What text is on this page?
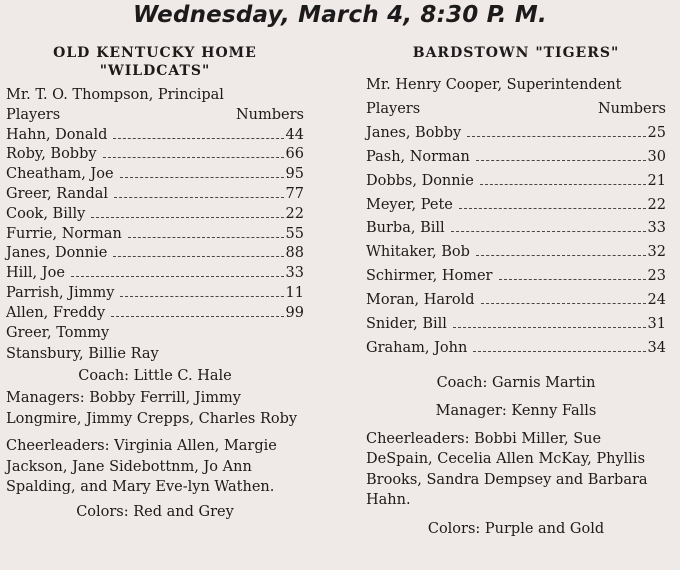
Wednesday, March 4, 8:30 P. M.
OLD KENTUCKY HOME
"WILDCATS"
Mr. T. O. Thompson, Principal
Players	Numbers
Hahn, Donald	44
Roby, Bobby	66
Cheatham, Joe	95
Greer, Randal	77
Cook, Billy	22
Furrie, Norman	55
Janes, Donnie	88
Hill, Joe	33
Parrish, Jimmy	11
Allen, Freddy	99
Greer, Tommy
Stansbury, Billie Ray
Coach: Little C. Hale
Managers: Bobby Ferrill, Jimmy Longmire, Jimmy Crepps, Charles Roby
Cheerleaders: Virginia Allen, Margie Jackson, Jane Sidebottnm, Jo Ann Spalding, and Mary Eve-lyn Wathen.
Colors: Red and Grey
BARDSTOWN "TIGERS"
Mr. Henry Cooper, Superintendent
Players	Numbers
Janes, Bobby	25
Pash, Norman	30
Dobbs, Donnie	21
Meyer, Pete	22
Burba, Bill	33
Whitaker, Bob	32
Schirmer, Homer	23
Moran, Harold	24
Snider, Bill	31
Graham, John	34
Coach: Garnis Martin
Manager: Kenny Falls
Cheerleaders: Bobbi Miller, Sue DeSpain, Cecelia Allen McKay, Phyllis Brooks, Sandra Dempsey and Barbara Hahn.
Colors: Purple and Gold
